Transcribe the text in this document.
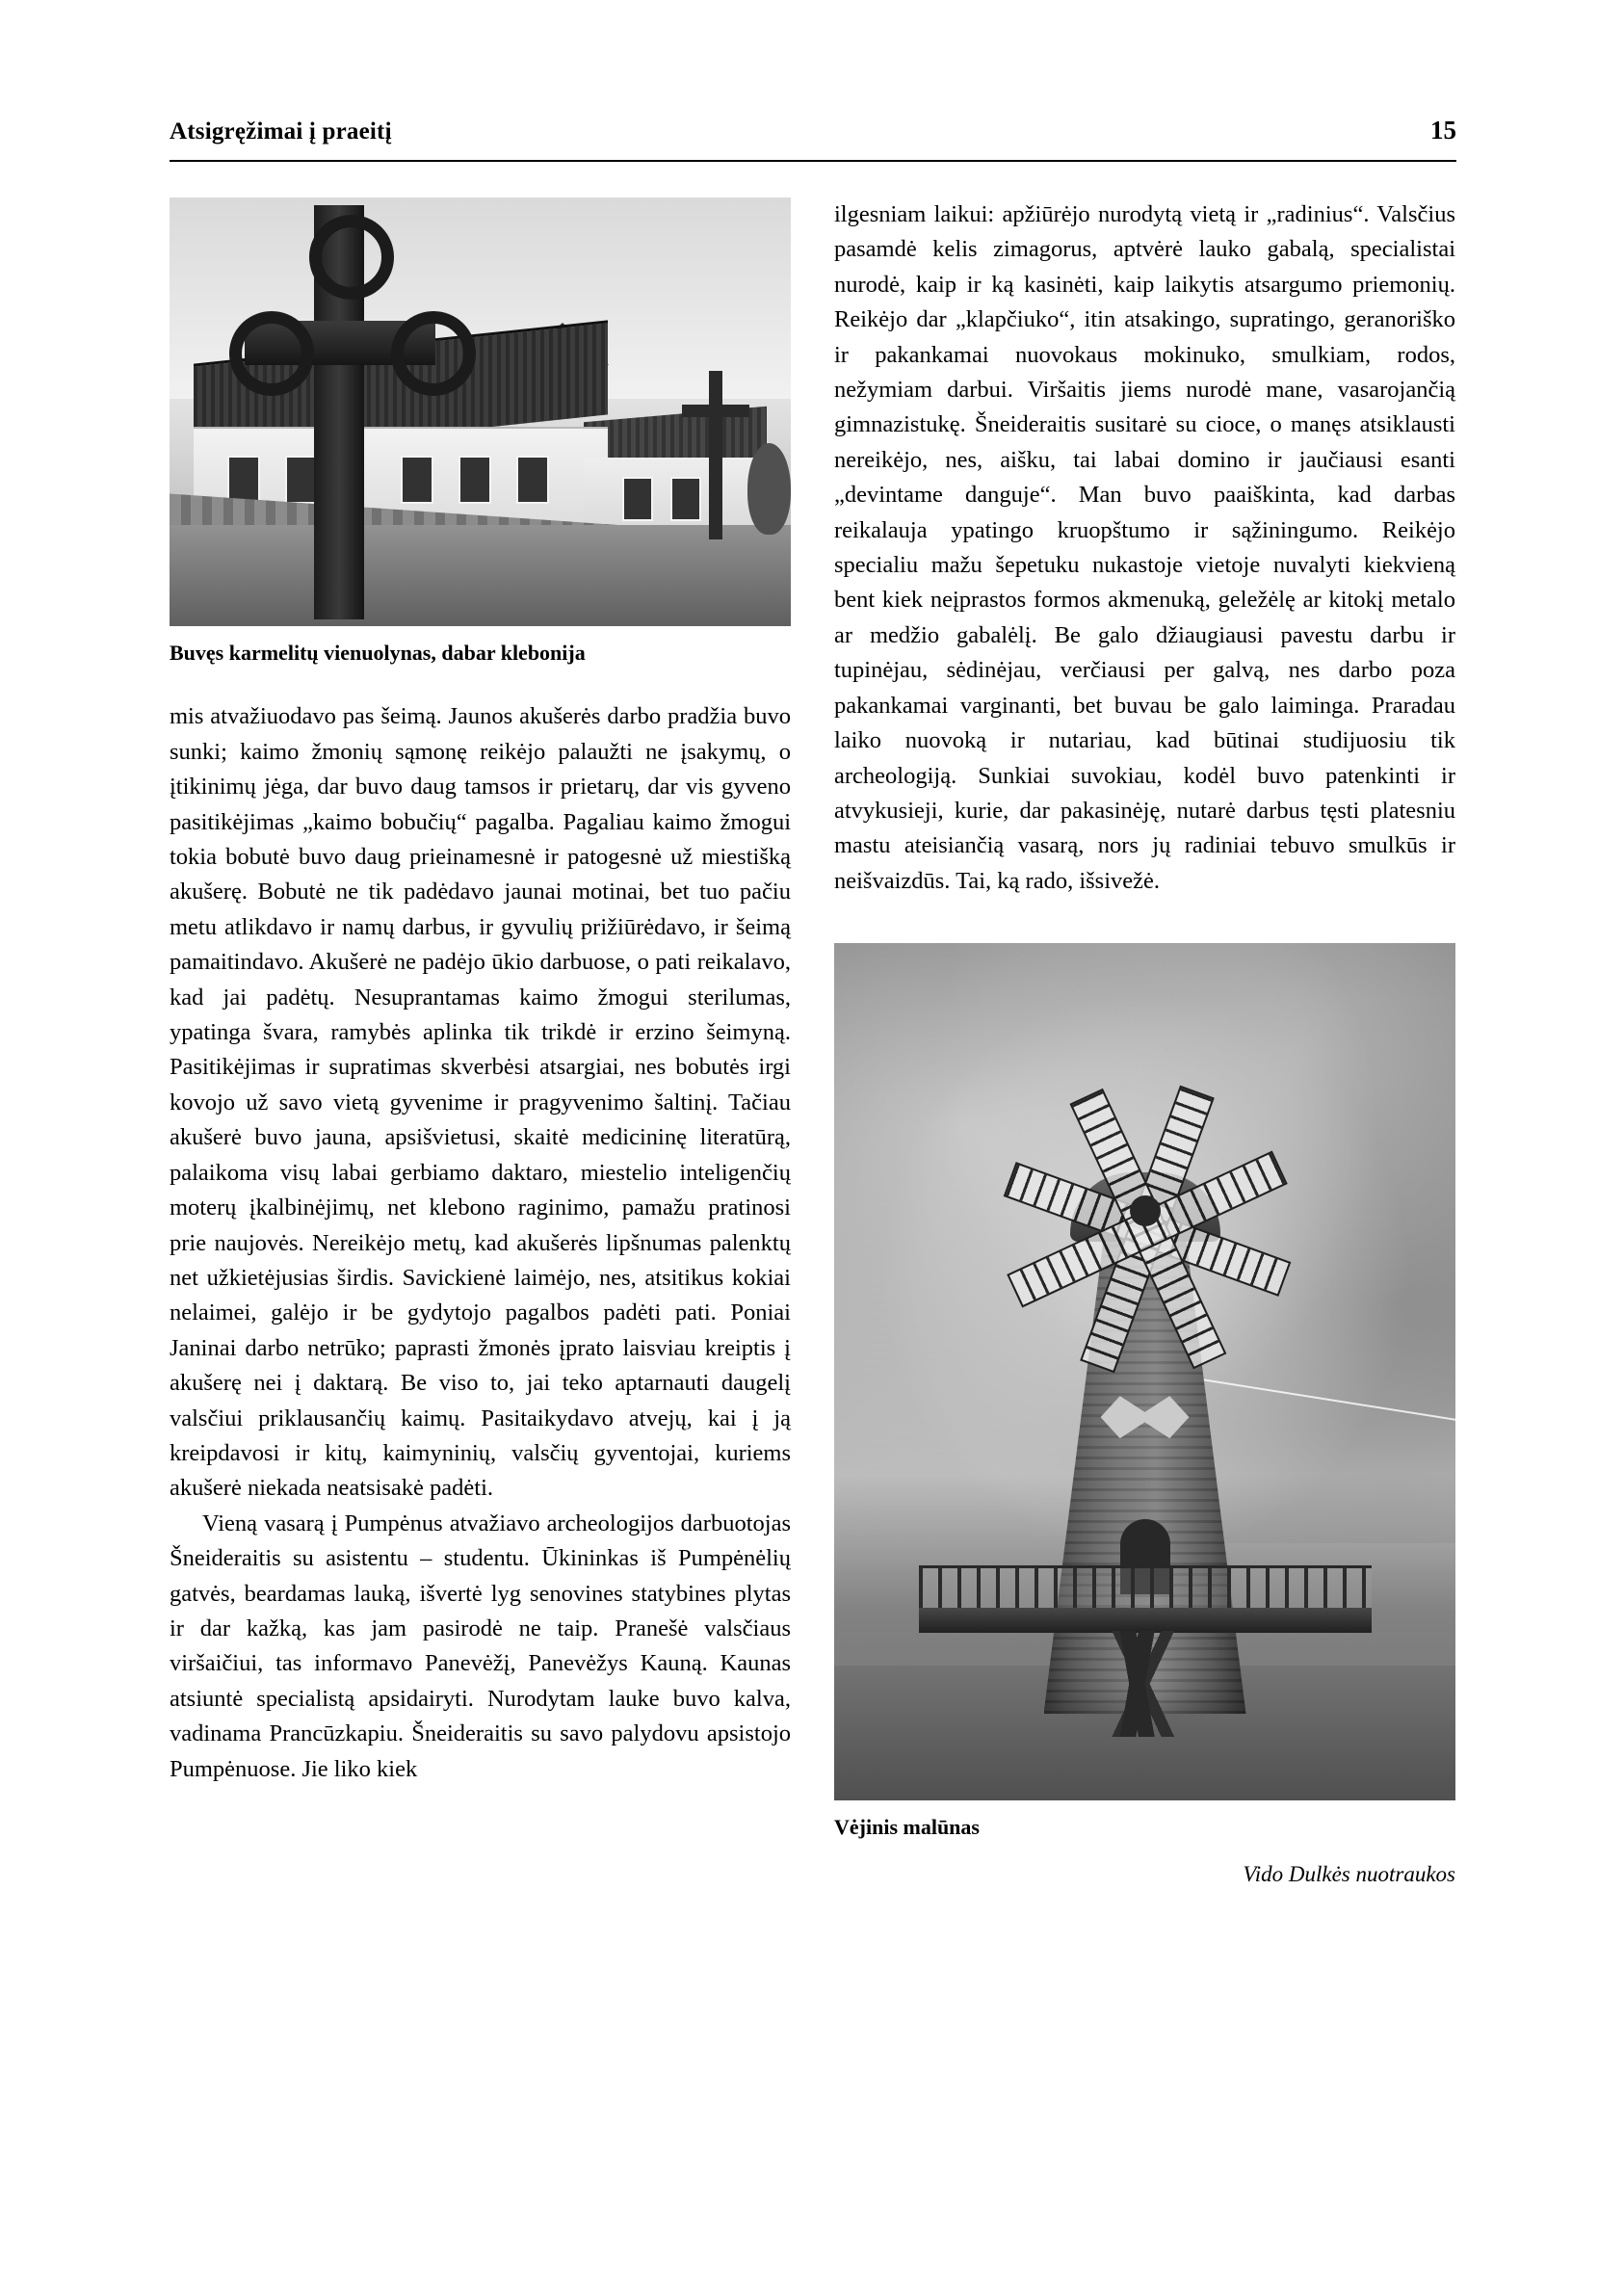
Atsigręžimai į praeitį	15
Buvęs karmelitų vienuolynas, dabar klebonija

mis atvažiuodavo pas šeimą. Jaunos akušerės darbo pradžia buvo sunki; kaimo žmonių sąmonę reikėjo palaužti ne įsakymų, o įtikinimų jėga, dar buvo daug tamsos ir prietarų, dar vis gyveno pasitikėjimas „kaimo bobučių“ pagalba. Pagaliau kaimo žmogui tokia bobutė buvo daug prieinamesnė ir patogesnė už miestišką akušerę. Bobutė ne tik padėdavo jaunai motinai, bet tuo pačiu metu atlikdavo ir namų darbus, ir gyvulių prižiūrėdavo, ir šeimą pamaitindavo. Akušerė ne padėjo ūkio darbuose, o pati reikalavo, kad jai padėtų. Nesuprantamas kaimo žmogui sterilumas, ypatinga švara, ramybės aplinka tik trikdė ir erzino šeimyną. Pasitikėjimas ir supratimas skverbėsi atsargiai, nes bobutės irgi kovojo už savo vietą gyvenime ir pragyvenimo šaltinį. Tačiau akušerė buvo jauna, apsišvietusi, skaitė medicininę literatūrą, palaikoma visų labai gerbiamo daktaro, miestelio inteligenčių moterų įkalbinėjimų, net klebono raginimo, pamažu pratinosi prie naujovės. Nereikėjo metų, kad akušerės lipšnumas palenktų net užkietėjusias širdis. Savickienė laimėjo, nes, atsitikus kokiai nelaimei, galėjo ir be gydytojo pagalbos padėti pati. Poniai Janinai darbo netrūko; paprasti žmonės įprato laisviau kreiptis į akušerę nei į daktarą. Be viso to, jai teko aptarnauti daugelį valsčiui priklausančių kaimų. Pasitaikydavo atvejų, kai į ją kreipdavosi ir kitų, kaimyninių, valsčių gyventojai, kuriems akušerė niekada neatsisakė padėti.

Vieną vasarą į Pumpėnus atvažiavo archeologijos darbuotojas Šneideraitis su asistentu – studentu. Ūkininkas iš Pumpėnėlių gatvės, beardamas lauką, išvertė lyg senovines statybines plytas ir dar kažką, kas jam pasirodė ne taip. Pranešė valsčiaus viršaičiui, tas informavo Panevėžį, Panevėžys Kauną. Kaunas atsiuntė specialistą apsidairyti. Nurodytam lauke buvo kalva, vadinama Prancūzkapiu. Šneideraitis su savo palydovu apsistojo Pumpėnuose. Jie liko kiek

ilgesniam laikui: apžiūrėjo nurodytą vietą ir „radinius“. Valsčius pasamdė kelis zimagorus, aptvėrė lauko gabalą, specialistai nurodė, kaip ir ką kasinėti, kaip laikytis atsargumo priemonių. Reikėjo dar „klapčiuko“, itin atsakingo, supratingo, geranoriško ir pakankamai nuovokaus mokinuko, smulkiam, rodos, nežymiam darbui. Viršaitis jiems nurodė mane, vasarojančią gimnazistukę. Šneideraitis susitarė su cioce, o manęs atsiklausti nereikėjo, nes, aišku, tai labai domino ir jaučiausi esanti „devintame danguje“. Man buvo paaiškinta, kad darbas reikalauja ypatingo kruopštumo ir sąžiningumo. Reikėjo specialiu mažu šepetuku nukastoje vietoje nuvalyti kiekvieną bent kiek neįprastos formos akmenuką, geležėlę ar kitokį metalo ar medžio gabalėlį. Be galo džiaugiausi pavestu darbu ir tupinėjau, sėdinėjau, verčiausi per galvą, nes darbo poza pakankamai varginanti, bet buvau be galo laiminga. Praradau laiko nuovoką ir nutariau, kad būtinai studijuosiu tik archeologiją. Sunkiai suvokiau, kodėl buvo patenkinti ir atvykusieji, kurie, dar pakasinėję, nutarė darbus tęsti platesniu mastu ateisiančią vasarą, nors jų radiniai tebuvo smulkūs ir neišvaizdūs. Tai, ką rado, išsivežė.

Vėjinis malūnas
Vido Dulkės nuotraukos
